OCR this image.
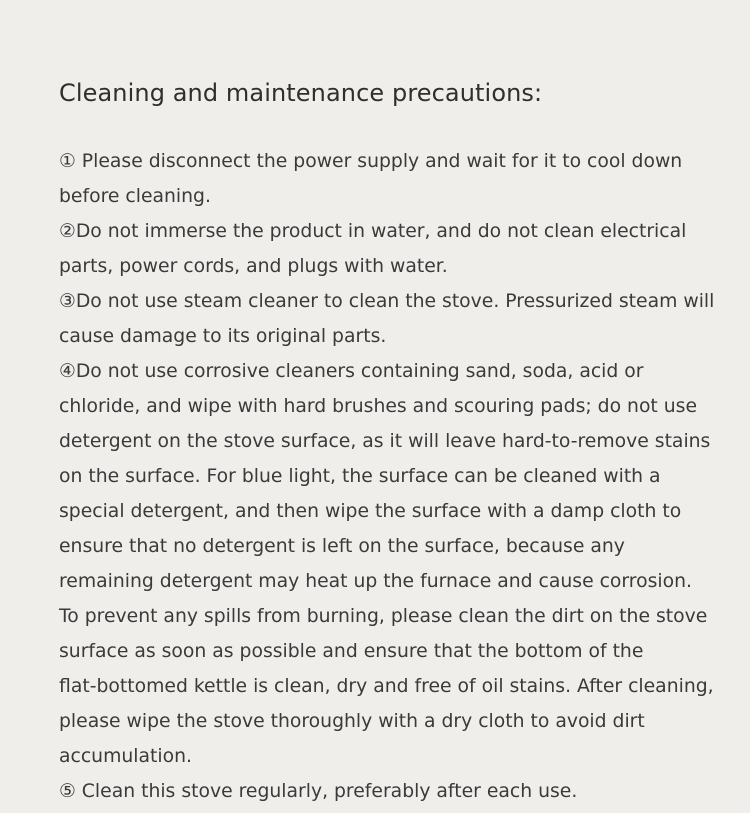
Cleaning and maintenance precautions:
① Please disconnect the power supply and wait for it to cool down
before cleaning.
②Do not immerse the product in water, and do not clean electrical
parts, power cords, and plugs with water.
③Do not use steam cleaner to clean the stove. Pressurized steam will
cause damage to its original parts.
④Do not use corrosive cleaners containing sand, soda, acid or
chloride, and wipe with hard brushes and scouring pads; do not use
detergent on the stove surface, as it will leave hard-to-remove stains
on the surface. For blue light, the surface can be cleaned with a
special detergent, and then wipe the surface with a damp cloth to
ensure that no detergent is left on the surface, because any
remaining detergent may heat up the furnace and cause corrosion.
To prevent any spills from burning, please clean the dirt on the stove
surface as soon as possible and ensure that the bottom of the
flat-bottomed kettle is clean, dry and free of oil stains. After cleaning,
please wipe the stove thoroughly with a dry cloth to avoid dirt
accumulation.
⑤ Clean this stove regularly, preferably after each use.
